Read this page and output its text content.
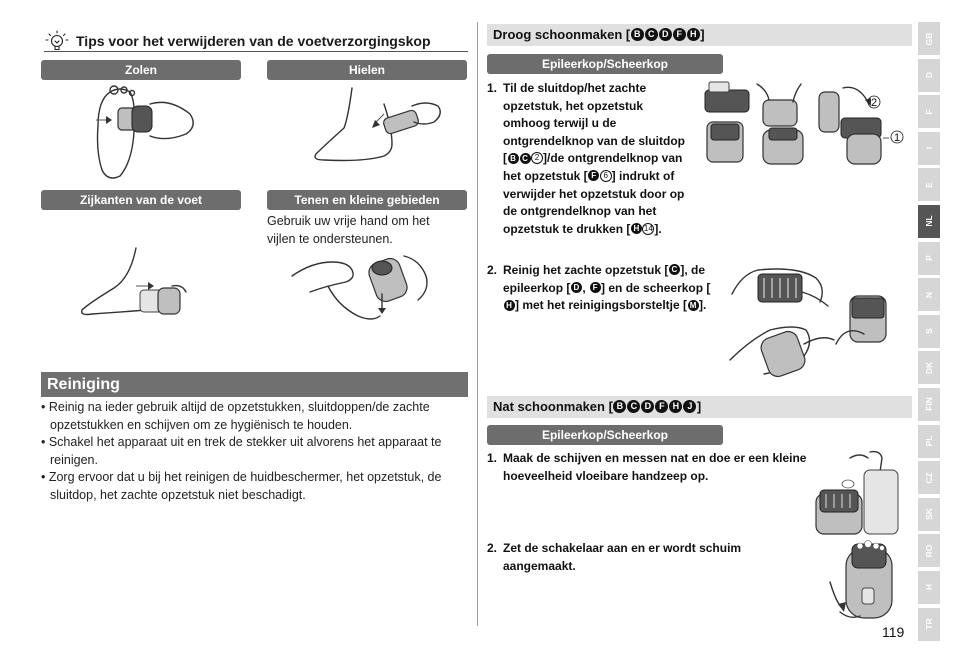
Tips voor het verwijderen van de voetverzorgingskop
Zolen	Hielen
Zijkanten van de voet	Tenen en kleine gebieden
Gebruik uw vrije hand om het vijlen te ondersteunen.
Reiniging
• Reinig na ieder gebruik altijd de opzetstukken, sluitdoppen/de zachte opzetstukken en schijven om ze hygiënisch te houden.
• Schakel het apparaat uit en trek de stekker uit alvorens het apparaat te reinigen.
• Zorg ervoor dat u bij het reinigen de huidbeschermer, het opzetstuk, de sluitdop, het zachte opzetstuk niet beschadigt.
Droog schoonmaken [ B C D F H ]
Epileerkop/Scheerkop
1. Til de sluitdop/het zachte opzetstuk, het opzetstuk omhoog terwijl u de ontgrendelknop van de sluitdop [ B C 2 ]/de ontgrendelknop van het opzetstuk [ F 6 ] indrukt of verwijder het opzetstuk door op de ontgrendelknop van het opzetstuk te drukken [ H 14 ].
2
1
2. Reinig het zachte opzetstuk [ C ], de epileerkop [ D , F ] en de scheerkop [H ] met het reinigingsborsteltje [ M ].
Nat schoonmaken [ B C D F H J ]
Epileerkop/Scheerkop
1. Maak de schijven en messen nat en doe er een kleine hoeveelheid vloeibare handzeep op.
2. Zet de schakelaar aan en er wordt schuim aangemaakt.
119
GB
D
F
I
E
NL
P
N
S
DK
FIN
PL
CZ
SK
RO
H
TR
